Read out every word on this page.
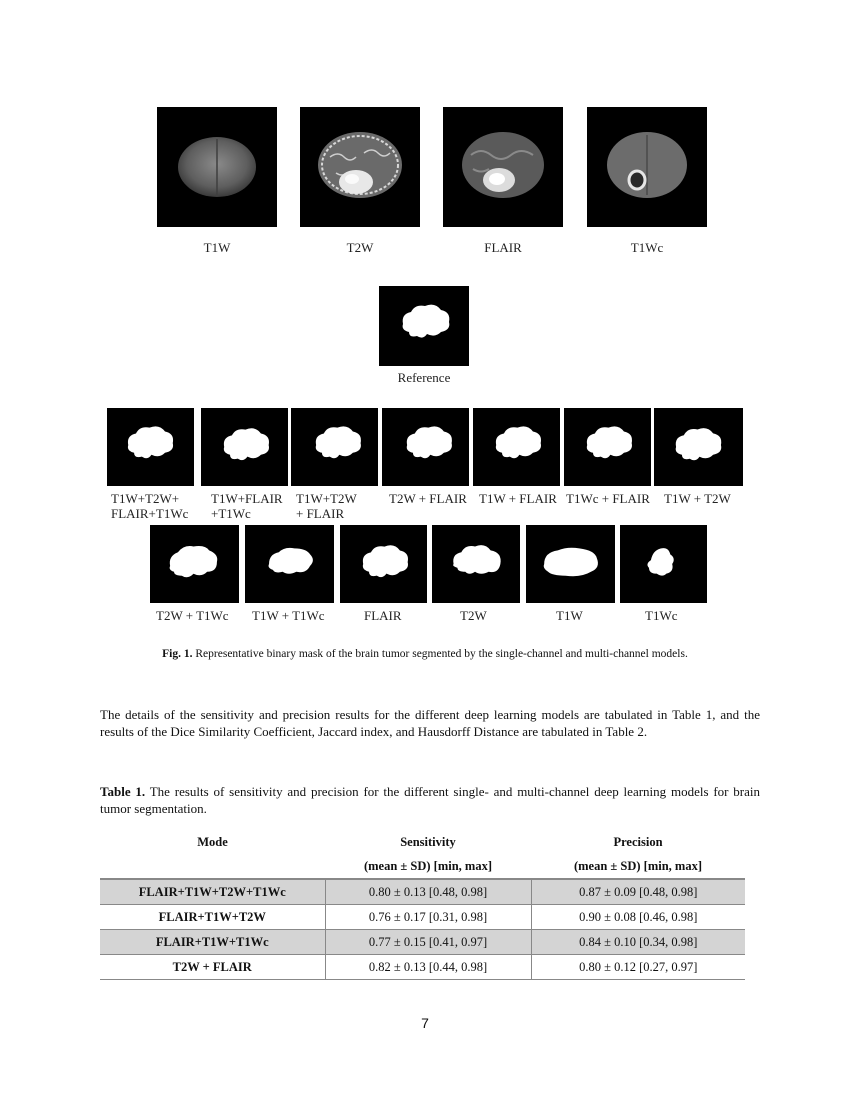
T1W	T2W	FLAIR	T1Wc
Reference
T1W+T2W+
FLAIR+T1Wc
T1W+FLAIR
+T1Wc
T1W+T2W
+ FLAIR
T2W + FLAIR T1W + FLAIR T1Wc + FLAIR T1W + T2W
T2W + T1Wc T1W + T1Wc	FLAIR	T2W	T1W	T1Wc
Fig. 1. Representative binary mask of the brain tumor segmented by the single-channel and multi-channel models.
The details of the sensitivity and precision results for the different deep learning models are tabulated in Table 1, and the results of the Dice Similarity Coefficient, Jaccard index, and Hausdorff Distance are tabulated in Table 2.
Table 1. The results of sensitivity and precision for the different single- and multi-channel deep learning models for brain tumor segmentation.
Mode	Sensitivity	Precision
	(mean ± SD) [min, max]	(mean ± SD) [min, max]
FLAIR+T1W+T2W+T1Wc	0.80 ± 0.13 [0.48, 0.98]	0.87 ± 0.09 [0.48, 0.98]
FLAIR+T1W+T2W	0.76 ± 0.17 [0.31, 0.98]	0.90 ± 0.08 [0.46, 0.98]
FLAIR+T1W+T1Wc	0.77 ± 0.15 [0.41, 0.97]	0.84 ± 0.10 [0.34, 0.98]
T2W + FLAIR	0.82 ± 0.13 [0.44, 0.98]	0.80 ± 0.12 [0.27, 0.97]
7
